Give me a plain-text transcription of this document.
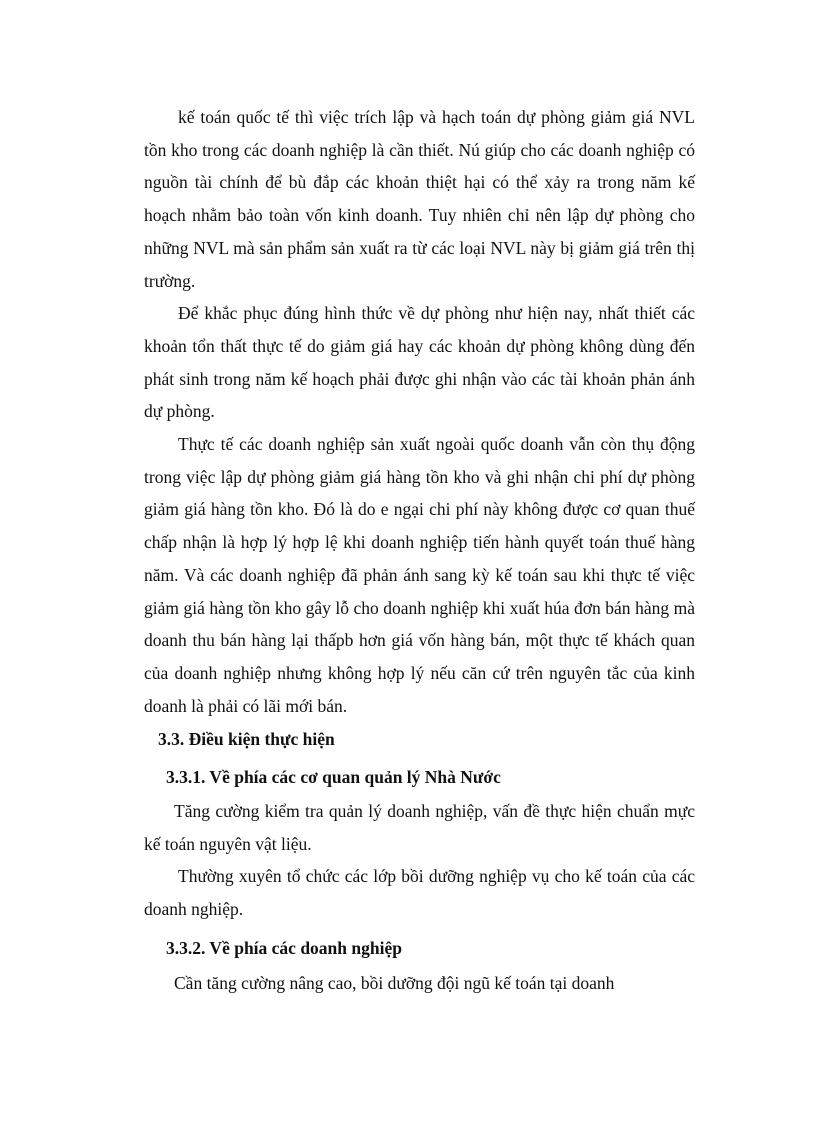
kế toán quốc tế thì việc trích lập và hạch toán dự phòng giảm giá NVL tồn kho trong các doanh nghiệp là cần thiết. Nú giúp cho các doanh nghiệp có nguồn tài chính để bù đắp các khoản thiệt hại có thể xảy ra trong năm kế hoạch nhằm bảo toàn vốn kinh doanh. Tuy nhiên chỉ nên lập dự phòng cho những NVL mà sản phẩm sản xuất ra từ các loại NVL này bị giảm giá trên thị trường.

Để khắc phục đúng hình thức về dự phòng như hiện nay, nhất thiết các khoản tổn thất thực tế do giảm giá hay các khoản dự phòng không dùng đến phát sinh trong năm kế hoạch phải được ghi nhận vào các tài khoản phản ánh dự phòng.

Thực tế các doanh nghiệp sản xuất ngoài quốc doanh vẫn còn thụ động trong việc lập dự phòng giảm giá hàng tồn kho và ghi nhận chi phí dự phòng giảm giá hàng tồn kho. Đó là do e ngại chi phí này không được cơ quan thuế chấp nhận là hợp lý hợp lệ khi doanh nghiệp tiến hành quyết toán thuế hàng năm. Và các doanh nghiệp đã phản ánh sang kỳ kế toán sau khi thực tế việc giảm giá hàng tồn kho gây lỗ cho doanh nghiệp khi xuất húa đơn bán hàng mà doanh thu bán hàng lại thấpb hơn giá vốn hàng bán, một thực tế khách quan của doanh nghiệp nhưng không hợp lý nếu căn cứ trên nguyên tắc của kinh doanh là phải có lãi mới bán.

3.3. Điều kiện thực hiện
3.3.1. Về phía các cơ quan quản lý Nhà Nước

Tăng cường kiểm tra quản lý doanh nghiệp, vấn đề thực hiện chuẩn mực kế toán nguyên vật liệu.

Thường xuyên tổ chức các lớp bồi dưỡng nghiệp vụ cho kế toán của các doanh nghiệp.

3.3.2. Về phía các doanh nghiệp

Cần tăng cường nâng cao, bồi dưỡng đội ngũ kế toán tại doanh
